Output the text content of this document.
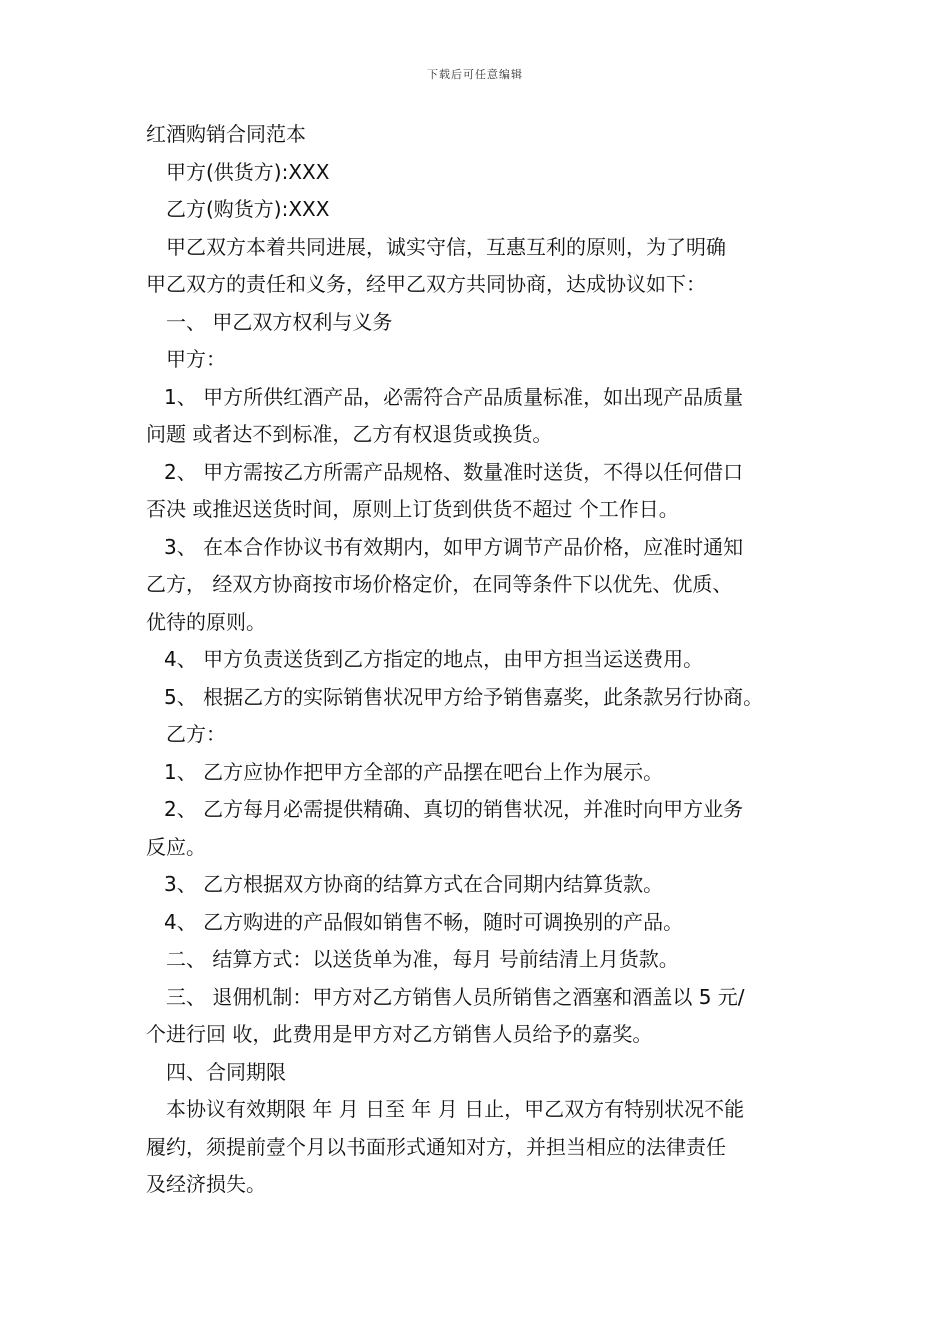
下载后可任意编辑
红酒购销合同范本
甲方(供货方):XXX
乙方(购货方):XXX
甲乙双方本着共同进展，诚实守信，互惠互利的原则，为了明确
甲乙双方的责任和义务，经甲乙双方共同协商，达成协议如下：
一、 甲乙双方权利与义务
甲方：
1、 甲方所供红酒产品，必需符合产品质量标准，如出现产品质量
问题 或者达不到标准，乙方有权退货或换货。
2、 甲方需按乙方所需产品规格、数量准时送货，不得以任何借口
否决 或推迟送货时间，原则上订货到供货不超过 个工作日。
3、 在本合作协议书有效期内，如甲方调节产品价格，应准时通知
乙方， 经双方协商按市场价格定价，在同等条件下以优先、优质、
优待的原则。
4、 甲方负责送货到乙方指定的地点，由甲方担当运送费用。
5、 根据乙方的实际销售状况甲方给予销售嘉奖，此条款另行协商。
乙方：
1、 乙方应协作把甲方全部的产品摆在吧台上作为展示。
2、 乙方每月必需提供精确、真切的销售状况，并准时向甲方业务
反应。
3、 乙方根据双方协商的结算方式在合同期内结算货款。
4、 乙方购进的产品假如销售不畅，随时可调换别的产品。
二、 结算方式：以送货单为准，每月 号前结清上月货款。
三、 退佣机制：甲方对乙方销售人员所销售之酒塞和酒盖以 5 元/
个进行回 收，此费用是甲方对乙方销售人员给予的嘉奖。
四、合同期限
本协议有效期限 年 月 日至 年 月 日止，甲乙双方有特别状况不能
履约，须提前壹个月以书面形式通知对方，并担当相应的法律责任
及经济损失。
